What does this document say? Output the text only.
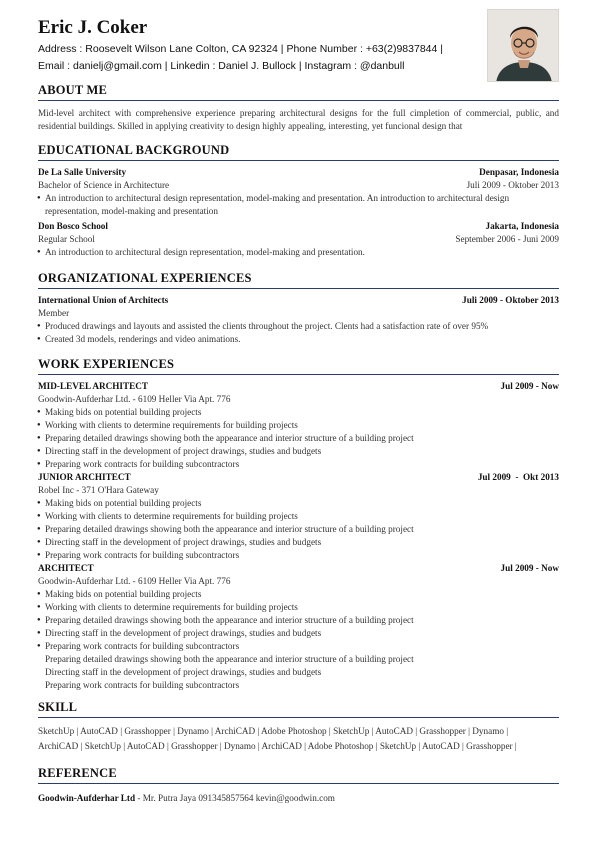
Eric J. Coker
Address : Roosevelt Wilson Lane Colton, CA 92324 | Phone Number : +63(2)9837844 |
Email : danielj@gmail.com | Linkedin : Daniel J. Bullock | Instagram : @danbull
ABOUT ME
Mid-level architect with comprehensive experience preparing architectural designs for the full cimpletion of commercial, public, and residential buildings. Skilled in applying creativity to design highly appealing, interesting, yet funcional design that
EDUCATIONAL BACKGROUND
De La Salle University	Denpasar, Indonesia
Bachelor of Science in Architecture	Juli 2009 - Oktober 2013
● An introduction to architectural design representation, model-making and presentation. An introduction to architectural design
representation, model-making and presentation
Don Bosco School	Jakarta, Indonesia
Regular School	September 2006 - Juni 2009
● An introduction to architectural design representation, model-making and presentation.
ORGANIZATIONAL EXPERIENCES
International Union of Architects	Juli 2009 - Oktober 2013
Member
● Produced drawings and layouts and assisted the clients throughout the project. Clents had a satisfaction rate of over 95%
● Created 3d models, renderings and video animations.
WORK EXPERIENCES
MID-LEVEL ARCHITECT	Jul 2009 - Now
Goodwin-Aufderhar Ltd. - 6109 Heller Via Apt. 776
● Making bids on potential building projects
● Working with clients to determine requirements for building projects
● Preparing detailed drawings showing both the appearance and interior structure of a building project
● Directing staff in the development of project drawings, studies and budgets
● Preparing work contracts for building subcontractors
JUNIOR ARCHITECT	Jul 2009  -  Okt 2013
Robel Inc - 371 O'Hara Gateway
● Making bids on potential building projects
● Working with clients to determine requirements for building projects
● Preparing detailed drawings showing both the appearance and interior structure of a building project
● Directing staff in the development of project drawings, studies and budgets
● Preparing work contracts for building subcontractors
ARCHITECT	Jul 2009 - Now
Goodwin-Aufderhar Ltd. - 6109 Heller Via Apt. 776
● Making bids on potential building projects
● Working with clients to determine requirements for building projects
● Preparing detailed drawings showing both the appearance and interior structure of a building project
● Directing staff in the development of project drawings, studies and budgets
● Preparing work contracts for building subcontractors
Preparing detailed drawings showing both the appearance and interior structure of a building project
Directing staff in the development of project drawings, studies and budgets
Preparing work contracts for building subcontractors
SKILL
SketchUp | AutoCAD | Grasshopper | Dynamo | ArchiCAD | Adobe Photoshop | SketchUp | AutoCAD | Grasshopper | Dynamo |
ArchiCAD | SketchUp | AutoCAD | Grasshopper | Dynamo | ArchiCAD | Adobe Photoshop | SketchUp | AutoCAD | Grasshopper |
REFERENCE
Goodwin-Aufderhar Ltd - Mr. Putra Jaya 091345857564 kevin@goodwin.com
